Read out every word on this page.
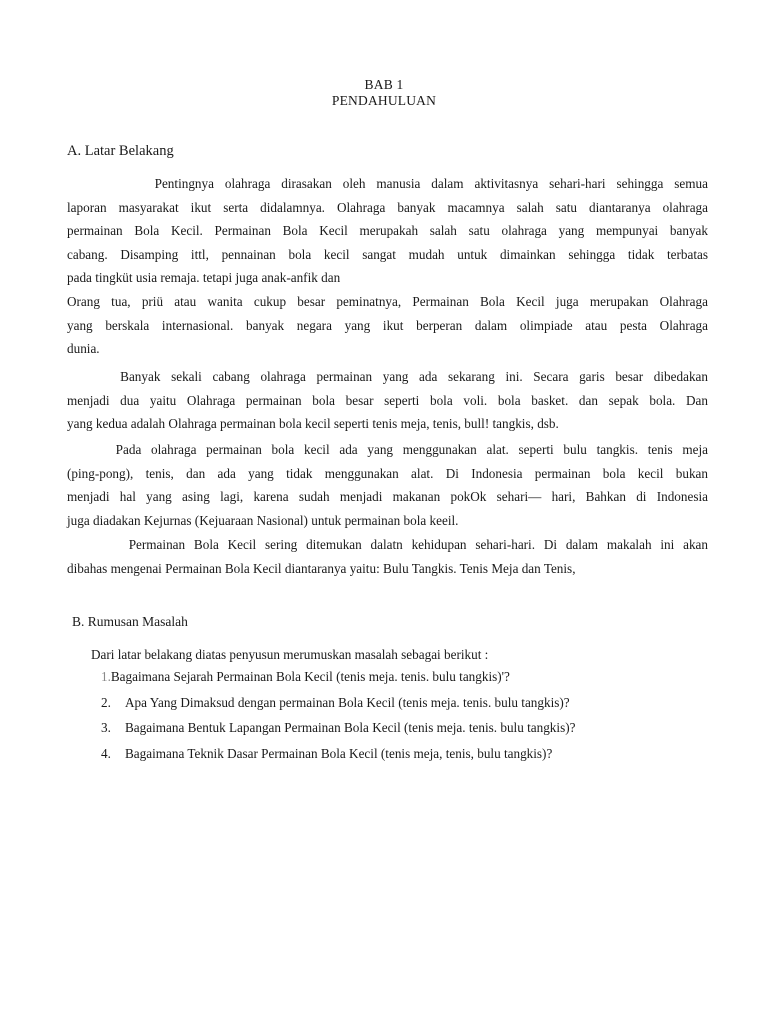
BAB 1
PENDAHULUAN
A. Latar Belakang
Pentingnya olahraga dirasakan oleh manusia dalam aktivitasnya sehari-hari sehingga semua
laporan masyarakat ikut serta didalamnya. Olahraga banyak macamnya salah satu diantaranya olahraga
permainan Bola Kecil. Permainan Bola Kecil merupakah salah satu olahraga yang mempunyai banyak
cabang. Disamping ittl, pennainan bola kecil sangat mudah untuk dimainkan sehingga tidak terbatas
pada tingküt usia remaja. tetapi juga anak-anfik dan
Orang tua, priü atau wanita cukup besar peminatnya, Permainan Bola Kecil juga merupakan Olahraga
yang berskala internasional. banyak negara yang ikut berperan dalam olimpiade atau pesta Olahraga
dunia.
Banyak sekali cabang olahraga permainan yang ada sekarang ini. Secara garis besar dibedakan
menjadi dua yaitu Olahraga permainan bola besar seperti bola voli. bola basket. dan sepak bola. Dan
yang kedua adalah Olahraga permainan bola kecil seperti tenis meja, tenis, bull! tangkis, dsb.
Pada olahraga permainan bola kecil ada yang menggunakan alat. seperti bulu tangkis. tenis meja
(ping-pong), tenis, dan ada yang tidak menggunakan alat. Di Indonesia permainan bola kecil bukan
menjadi hal yang asing lagi, karena sudah menjadi makanan pokOk sehari— hari, Bahkan di Indonesia
juga diadakan Kejurnas (Kejuaraan Nasional) untuk permainan bola keeil.
Permainan Bola Kecil sering ditemukan dalatn kehidupan sehari-hari. Di dalam makalah ini akan
dibahas mengenai Permainan Bola Kecil diantaranya yaitu: Bulu Tangkis. Tenis Meja dan Tenis,
B. Rumusan Masalah
Dari latar belakang diatas penyusun merumuskan masalah sebagai berikut :
1.Bagaimana Sejarah Permainan Bola Kecil (tenis meja. tenis. bulu tangkis)'?
2. Apa Yang Dimaksud dengan permainan Bola Kecil (tenis meja. tenis. bulu tangkis)?
3. Bagaimana Bentuk Lapangan Permainan Bola Kecil (tenis meja. tenis. bulu tangkis)?
4. Bagaimana Teknik Dasar Permainan Bola Kecil (tenis meja, tenis, bulu tangkis)?
